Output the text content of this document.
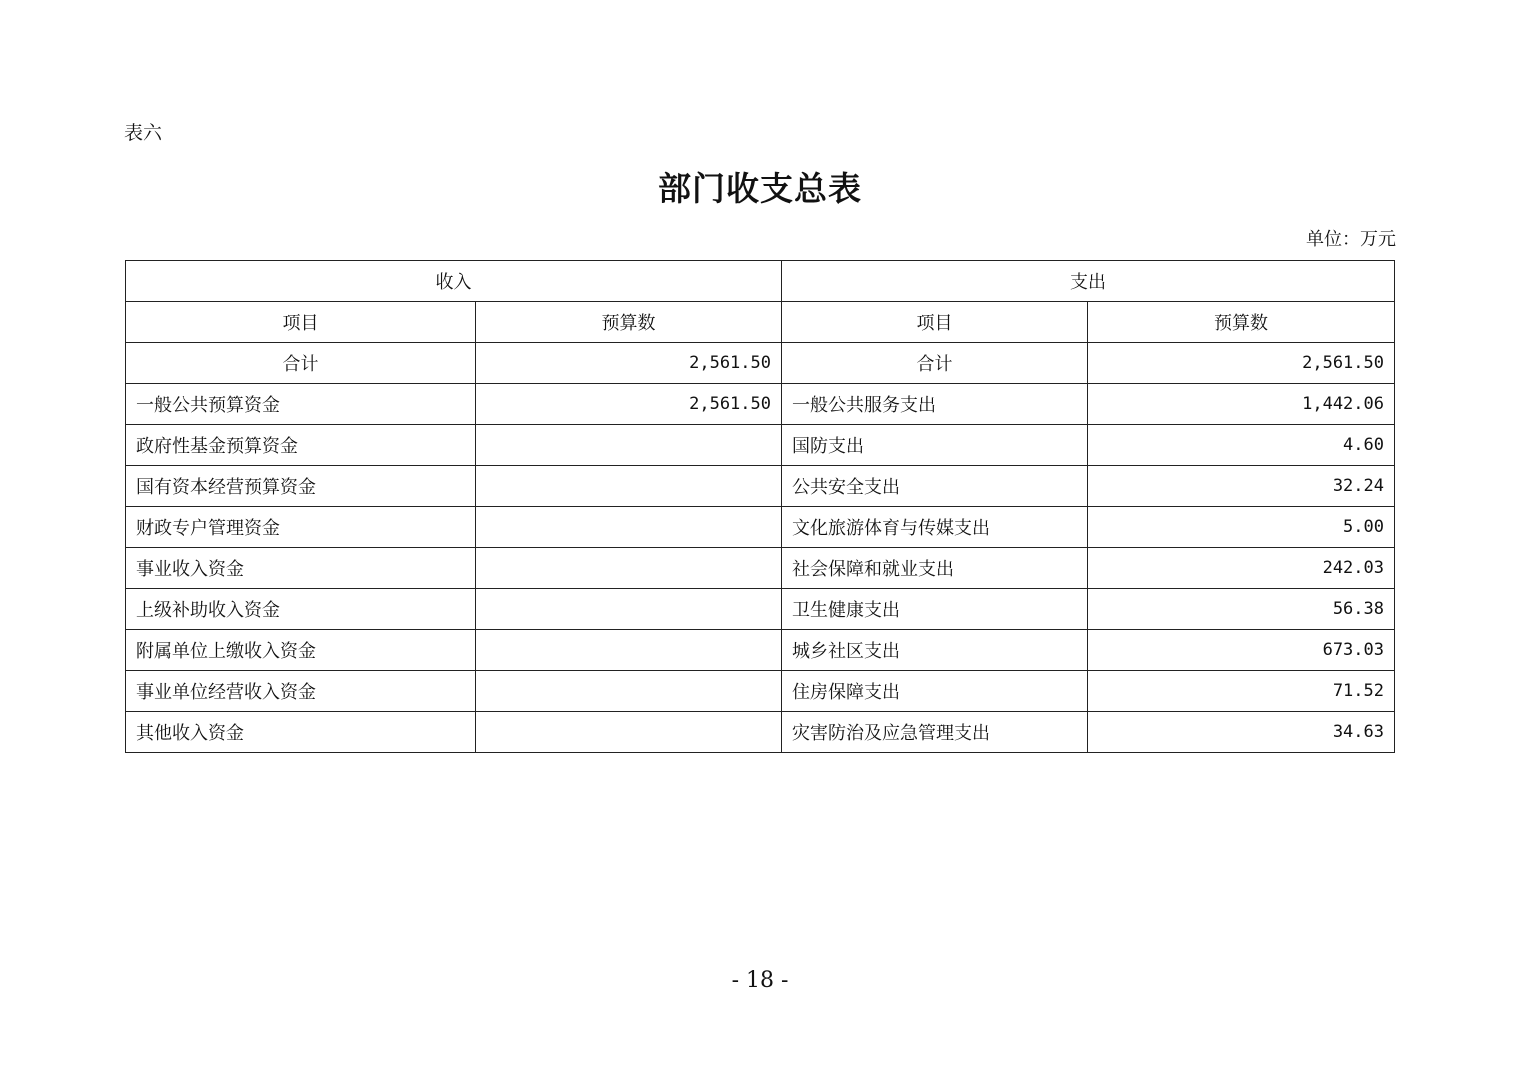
表六
部门收支总表
单位：万元
收入		支出	
项目	预算数	项目	预算数
合计	2,561.50	合计	2,561.50
一般公共预算资金	2,561.50	一般公共服务支出	1,442.06
政府性基金预算资金		国防支出	4.60
国有资本经营预算资金		公共安全支出	32.24
财政专户管理资金		文化旅游体育与传媒支出	5.00
事业收入资金		社会保障和就业支出	242.03
上级补助收入资金		卫生健康支出	56.38
附属单位上缴收入资金		城乡社区支出	673.03
事业单位经营收入资金		住房保障支出	71.52
其他收入资金		灾害防治及应急管理支出	34.63
- 18 -
